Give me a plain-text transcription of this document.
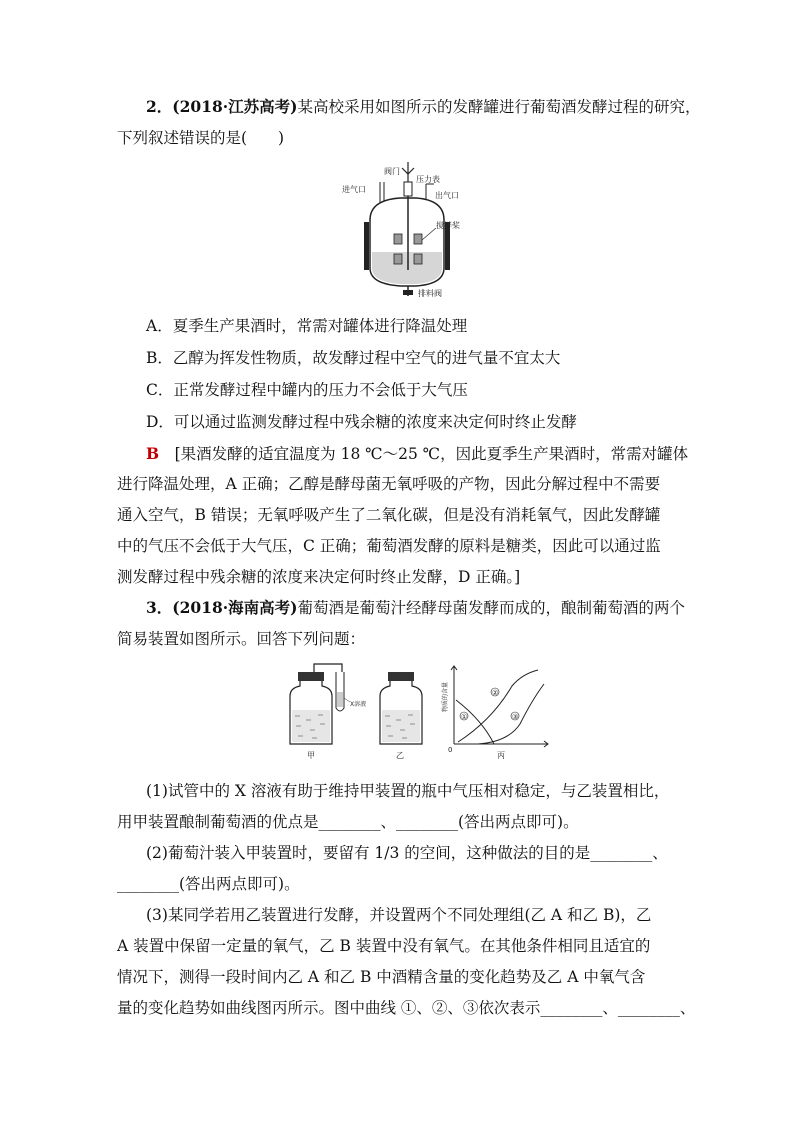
2．(2018·江苏高考)某高校采用如图所示的发酵罐进行葡萄酒发酵过程的研究，
下列叙述错误的是(　　)
阀门
压力表
进气口
出气口
搅拌桨
排料阀
A．夏季生产果酒时，常需对罐体进行降温处理
B．乙醇为挥发性物质，故发酵过程中空气的进气量不宜太大
C．正常发酵过程中罐内的压力不会低于大气压
D．可以通过监测发酵过程中残余糖的浓度来决定何时终止发酵
B　 [果酒发酵的适宜温度为 18 ℃～25 ℃，因此夏季生产果酒时，常需对罐体
进行降温处理，A 正确；乙醇是酵母菌无氧呼吸的产物，因此分解过程中不需要
通入空气，B 错误；无氧呼吸产生了二氧化碳，但是没有消耗氧气，因此发酵罐
中的气压不会低于大气压，C 正确；葡萄酒发酵的原料是糖类，因此可以通过监
测发酵过程中残余糖的浓度来决定何时终止发酵，D 正确。]
3．(2018·海南高考)葡萄酒是葡萄汁经酵母菌发酵而成的，酿制葡萄酒的两个
简易装置如图所示。回答下列问题：
X溶液
甲	乙
①
②
③
0
丙
物质的含量
(1)试管中的 X 溶液有助于维持甲装置的瓶中气压相对稳定，与乙装置相比，
用甲装置酿制葡萄酒的优点是________、________(答出两点即可)。
(2)葡萄汁装入甲装置时，要留有 1/3 的空间，这种做法的目的是________、
________(答出两点即可)。
(3)某同学若用乙装置进行发酵，并设置两个不同处理组(乙 A 和乙 B)，乙
A 装置中保留一定量的氧气，乙 B 装置中没有氧气。在其他条件相同且适宜的
情况下，测得一段时间内乙 A 和乙 B 中酒精含量的变化趋势及乙 A 中氧气含
量的变化趋势如曲线图丙所示。图中曲线 ①、②、③依次表示________、________、
